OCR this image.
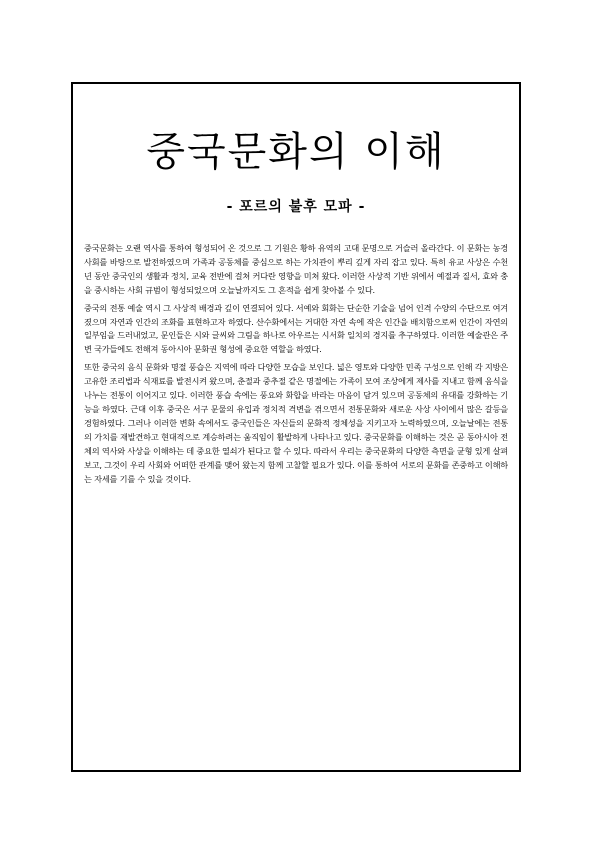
중국문화의 이해
- 포르의 불후 모파 -

중국문화는 오랜 역사를 통하여 형성되어 온 것으로 그 기원은 황하 유역의 고대 문명으로 거슬러 올라간다. 이 문화는 농경 사회를 바탕으로 발전하였으며 가족과 공동체를 중심으로 하는 가치관이 뿌리 깊게 자리 잡고 있다. 특히 유교 사상은 수천 년 동안 중국인의 생활과 정치, 교육 전반에 걸쳐 커다란 영향을 미쳐 왔다. 이러한 사상적 기반 위에서 예절과 질서, 효와 충을 중시하는 사회 규범이 형성되었으며 오늘날까지도 그 흔적을 쉽게 찾아볼 수 있다.

중국의 전통 예술 역시 그 사상적 배경과 깊이 연결되어 있다. 서예와 회화는 단순한 기술을 넘어 인격 수양의 수단으로 여겨졌으며 자연과 인간의 조화를 표현하고자 하였다. 산수화에서는 거대한 자연 속에 작은 인간을 배치함으로써 인간이 자연의 일부임을 드러내었고, 문인들은 시와 글씨와 그림을 하나로 아우르는 시서화 일치의 경지를 추구하였다. 이러한 예술관은 주변 국가들에도 전해져 동아시아 문화권 형성에 중요한 역할을 하였다.

또한 중국의 음식 문화와 명절 풍습은 지역에 따라 다양한 모습을 보인다. 넓은 영토와 다양한 민족 구성으로 인해 각 지방은 고유한 조리법과 식재료를 발전시켜 왔으며, 춘절과 중추절 같은 명절에는 가족이 모여 조상에게 제사를 지내고 함께 음식을 나누는 전통이 이어지고 있다. 이러한 풍습 속에는 풍요와 화합을 바라는 마음이 담겨 있으며 공동체의 유대를 강화하는 기능을 하였다. 근대 이후 중국은 서구 문물의 유입과 정치적 격변을 겪으면서 전통문화와 새로운 사상 사이에서 많은 갈등을 경험하였다. 그러나 이러한 변화 속에서도 중국인들은 자신들의 문화적 정체성을 지키고자 노력하였으며, 오늘날에는 전통의 가치를 재발견하고 현대적으로 계승하려는 움직임이 활발하게 나타나고 있다. 중국문화를 이해하는 것은 곧 동아시아 전체의 역사와 사상을 이해하는 데 중요한 열쇠가 된다고 할 수 있다. 따라서 우리는 중국문화의 다양한 측면을 균형 있게 살펴보고, 그것이 우리 사회와 어떠한 관계를 맺어 왔는지 함께 고찰할 필요가 있다. 이를 통하여 서로의 문화를 존중하고 이해하는 자세를 기를 수 있을 것이다.
